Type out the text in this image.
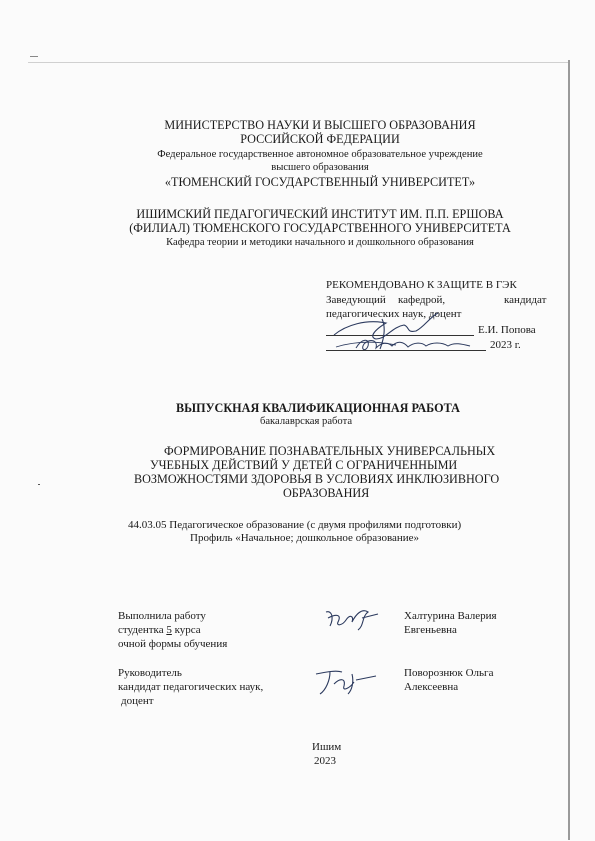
МИНИСТЕРСТВО НАУКИ И ВЫСШЕГО ОБРАЗОВАНИЯ
РОССИЙСКОЙ ФЕДЕРАЦИИ
Федеральное государственное автономное образовательное учреждение
высшего образования
«ТЮМЕНСКИЙ ГОСУДАРСТВЕННЫЙ УНИВЕРСИТЕТ»
ИШИМСКИЙ ПЕДАГОГИЧЕСКИЙ ИНСТИТУТ ИМ. П.П. ЕРШОВА
(ФИЛИАЛ) ТЮМЕНСКОГО ГОСУДАРСТВЕННОГО УНИВЕРСИТЕТА
Кафедра теории и методики начального и дошкольного образования
РЕКОМЕНДОВАНО К ЗАЩИТЕ В ГЭК
Заведующий кафедрой,	кандидат
педагогических наук, доцент
Е.И. Попова
2023 г.
ВЫПУСКНАЯ КВАЛИФИКАЦИОННАЯ РАБОТА
бакалаврская работа
ФОРМИРОВАНИЕ ПОЗНАВАТЕЛЬНЫХ УНИВЕРСАЛЬНЫХ
УЧЕБНЫХ ДЕЙСТВИЙ У ДЕТЕЙ С ОГРАНИЧЕННЫМИ
ВОЗМОЖНОСТЯМИ ЗДОРОВЬЯ В УСЛОВИЯХ ИНКЛЮЗИВНОГО
ОБРАЗОВАНИЯ
44.03.05 Педагогическое образование (с двумя профилями подготовки)
Профиль «Начальное; дошкольное образование»
Выполнила работу
студентка 5 курса
очной формы обучения
Халтурина Валерия
Евгеньевна
Руководитель
кандидат педагогических наук,
доцент
Поворознюк Ольга
Алексеевна
Ишим
2023
